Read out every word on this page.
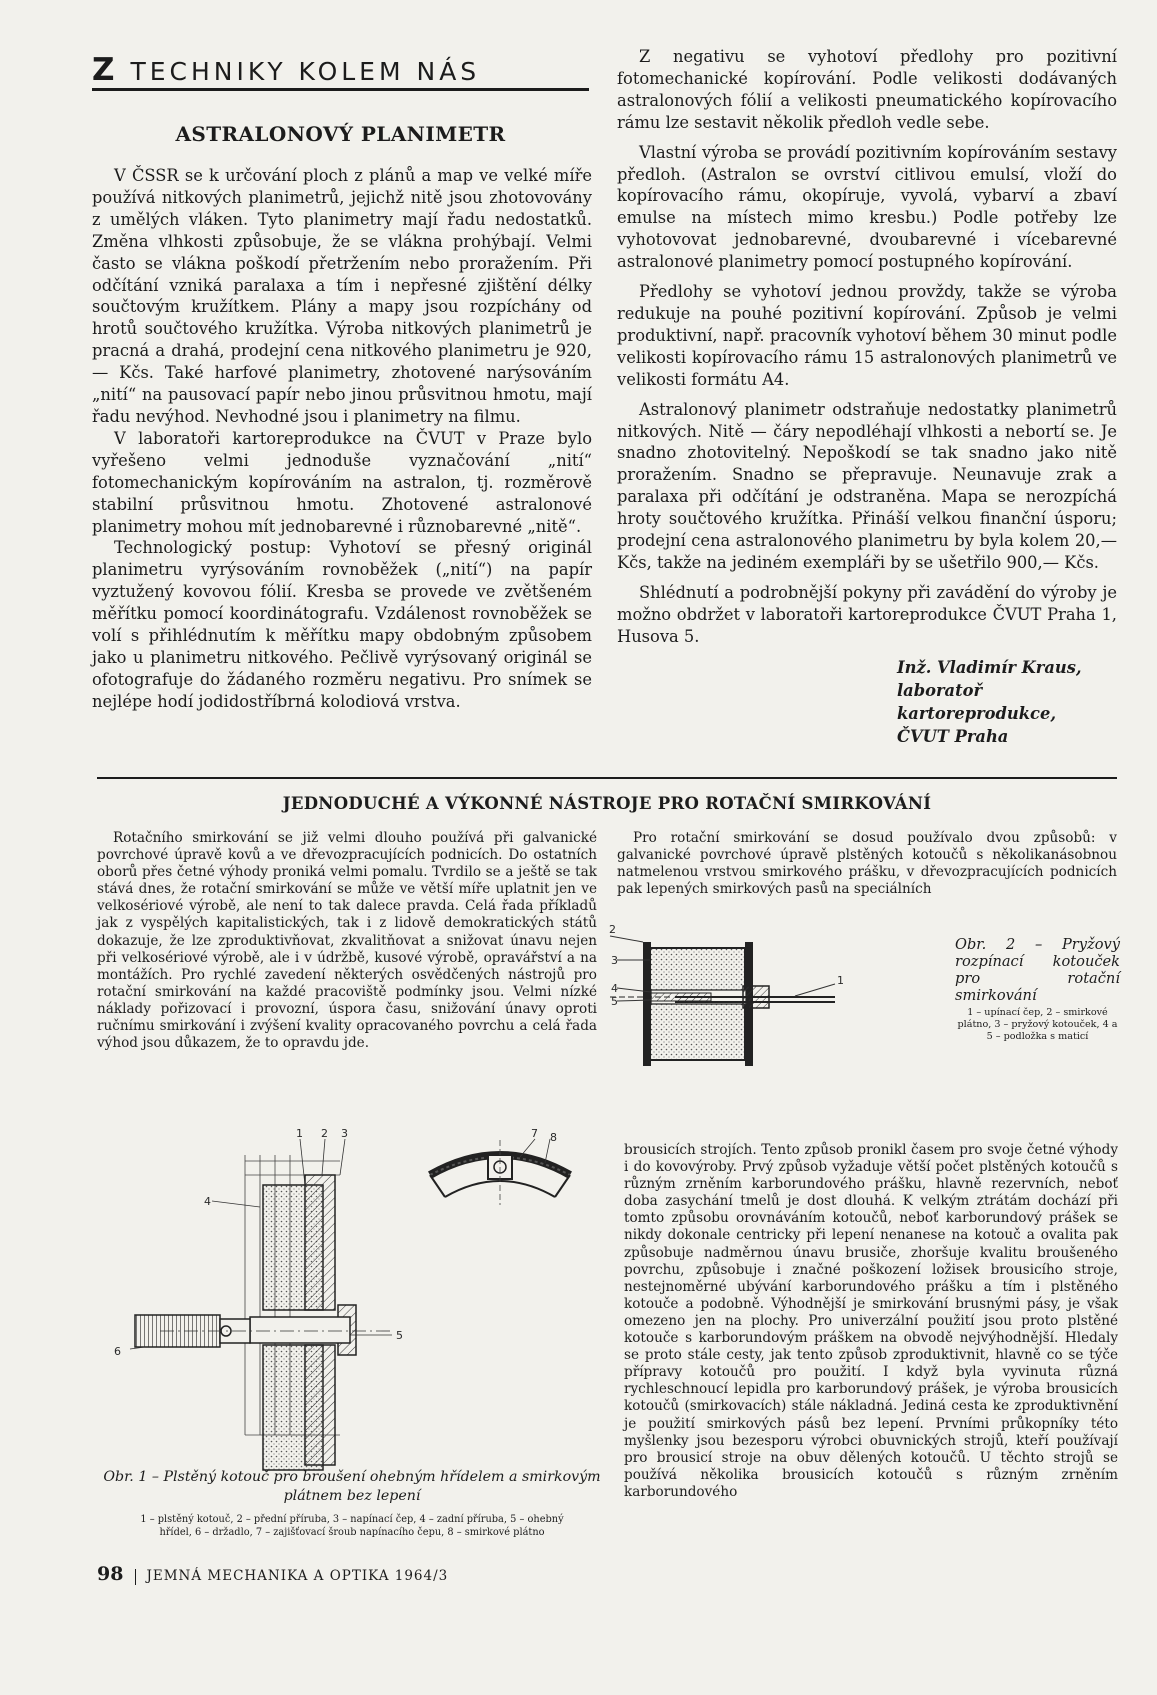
Z TECHNIKY KOLEM NÁS
ASTRALONOVÝ PLANIMETR

V ČSSR se k určování ploch z plánů a map ve velké míře používá nitkových planimetrů, jejichž nitě jsou zhotovovány z umělých vláken. Tyto planimetry mají řadu nedostatků. Změna vlhkosti způsobuje, že se vlákna prohýbají. Velmi často se vlákna poškodí přetržením nebo proražením. Při odčítání vzniká paralaxa a tím i nepřesné zjištění délky součtovým kružítkem. Plány a mapy jsou rozpíchány od hrotů součtového kružítka. Výroba nitkových planimetrů je pracná a drahá, prodejní cena nitkového planimetru je 920,— Kčs. Také harfové planimetry, zhotovené narýsováním „nití“ na pausovací papír nebo jinou průsvitnou hmotu, mají řadu nevýhod. Nevhodné jsou i planimetry na filmu.

V laboratoři kartoreprodukce na ČVUT v Praze bylo vyřešeno velmi jednoduše vyznačování „nití“ fotomechanickým kopírováním na astralon, tj. rozměrově stabilní průsvitnou hmotu. Zhotovené astralonové planimetry mohou mít jednobarevné i různobarevné „nitě“.

Technologický postup: Vyhotoví se přesný originál planimetru vyrýsováním rovnoběžek („nití“) na papír vyztužený kovovou fólií. Kresba se provede ve zvětšeném měřítku pomocí koordinátografu. Vzdálenost rovnoběžek se volí s přihlédnutím k měřítku mapy obdobným způsobem jako u planimetru nitkového. Pečlivě vyrýsovaný originál se ofotografuje do žádaného rozměru negativu. Pro snímek se nejlépe hodí jodidostříbrná kolodiová vrstva.

Z negativu se vyhotoví předlohy pro pozitivní fotomechanické kopírování. Podle velikosti dodávaných astralonových fólií a velikosti pneumatického kopírovacího rámu lze sestavit několik předloh vedle sebe.

Vlastní výroba se provádí pozitivním kopírováním sestavy předloh. (Astralon se ovrství citlivou emulsí, vloží do kopírovacího rámu, okopíruje, vyvolá, vybarví a zbaví emulse na místech mimo kresbu.) Podle potřeby lze vyhotovovat jednobarevné, dvoubarevné i vícebarevné astralonové planimetry pomocí postupného kopírování.

Předlohy se vyhotoví jednou provždy, takže se výroba redukuje na pouhé pozitivní kopírování. Způsob je velmi produktivní, např. pracovník vyhotoví během 30 minut podle velikosti kopírovacího rámu 15 astralonových planimetrů ve velikosti formátu A4.

Astralonový planimetr odstraňuje nedostatky planimetrů nitkových. Nitě — čáry nepodléhají vlhkosti a nebortí se. Je snadno zhotovitelný. Nepoškodí se tak snadno jako nitě proražením. Snadno se přepravuje. Neunavuje zrak a paralaxa při odčítání je odstraněna. Mapa se nerozpíchá hroty součtového kružítka. Přináší velkou finanční úsporu; prodejní cena astralonového planimetru by byla kolem 20,— Kčs, takže na jediném exempláři by se ušetřilo 900,— Kčs.

Shlédnutí a podrobnější pokyny při zavádění do výroby je možno obdržet v laboratoři kartoreprodukce ČVUT Praha 1, Husova 5.

Inž. Vladimír Kraus,
laboratoř kartoreprodukce,
ČVUT Praha
JEDNODUCHÉ A VÝKONNÉ NÁSTROJE PRO ROTAČNÍ SMIRKOVÁNÍ

Rotačního smirkování se již velmi dlouho používá při galvanické povrchové úpravě kovů a ve dřevozpracujících podnicích. Do ostatních oborů přes četné výhody proniká velmi pomalu. Tvrdilo se a ještě se tak stává dnes, že rotační smirkování se může ve větší míře uplatnit jen ve velkosériové výrobě, ale není to tak dalece pravda. Celá řada příkladů jak z vyspělých kapitalistických, tak i z lidově demokratických států dokazuje, že lze zproduktivňovat, zkvalitňovat a snižovat únavu nejen při velkosériové výrobě, ale i v údržbě, kusové výrobě, opravářství a na montážích. Pro rychlé zavedení některých osvědčených nástrojů pro rotační smirkování na každé pracoviště podmínky jsou. Velmi nízké náklady pořizovací i provozní, úspora času, snižování únavy oproti ručnímu smirkování i zvýšení kvality opracovaného povrchu a celá řada výhod jsou důkazem, že to opravdu jde.

Pro rotační smirkování se dosud používalo dvou způsobů: v galvanické povrchové úpravě plstěných kotoučů s několikanásobnou natmelenou vrstvou smirkového prášku, v dřevozpracujících podnicích pak lepených smirkových pasů na speciálních

2
3
4
5
1
Obr. 2 – Pryžový rozpínací kotouček pro rotační smirkování
1 – upínací čep, 2 – smirkové plátno, 3 – pryžový kotouček, 4 a 5 – podložka s maticí
1 2 3
4
5
6
7 8
Obr. 1 – Plstěný kotouč pro broušení ohebným hřídelem a smirkovým
plátnem bez lepení
1 – plstěný kotouč, 2 – přední příruba, 3 – napínací čep, 4 – zadní příruba, 5 – ohebný
hřídel, 6 – držadlo, 7 – zajišťovací šroub napínacího čepu, 8 – smirkové plátno

brousicích strojích. Tento způsob pronikl časem pro svoje četné výhody i do kovovýroby. Prvý způsob vyžaduje větší počet plstěných kotoučů s různým zrněním karborundového prášku, hlavně rezervních, neboť doba zasychání tmelů je dost dlouhá. K velkým ztrátám dochází při tomto způsobu orovnáváním kotoučů, neboť karborundový prášek se nikdy dokonale centricky při lepení nenanese na kotouč a ovalita pak způsobuje nadměrnou únavu brusiče, zhoršuje kvalitu broušeného povrchu, způsobuje i značné poškození ložisek brousicího stroje, nestejnoměrné ubývání karborundového prášku a tím i plstěného kotouče a podobně. Výhodnější je smirkování brusnými pásy, je však omezeno jen na plochy. Pro univerzální použití jsou proto plstěné kotouče s karborundovým práškem na obvodě nejvýhodnější. Hledaly se proto stále cesty, jak tento způsob zproduktivnit, hlavně co se týče přípravy kotoučů pro použití. I když byla vyvinuta různá rychleschnoucí lepidla pro karborundový prášek, je výroba brousicích kotoučů (smirkovacích) stále nákladná. Jediná cesta ke zproduktivnění je použití smirkových pásů bez lepení. Prvními průkopníky této myšlenky jsou bezesporu výrobci obuvnických strojů, kteří používají pro brousicí stroje na obuv dělených kotoučů. U těchto strojů se používá několika brousicích kotoučů s různým zrněním karborundového

98 JEMNÁ MECHANIKA A OPTIKA 1964/3
